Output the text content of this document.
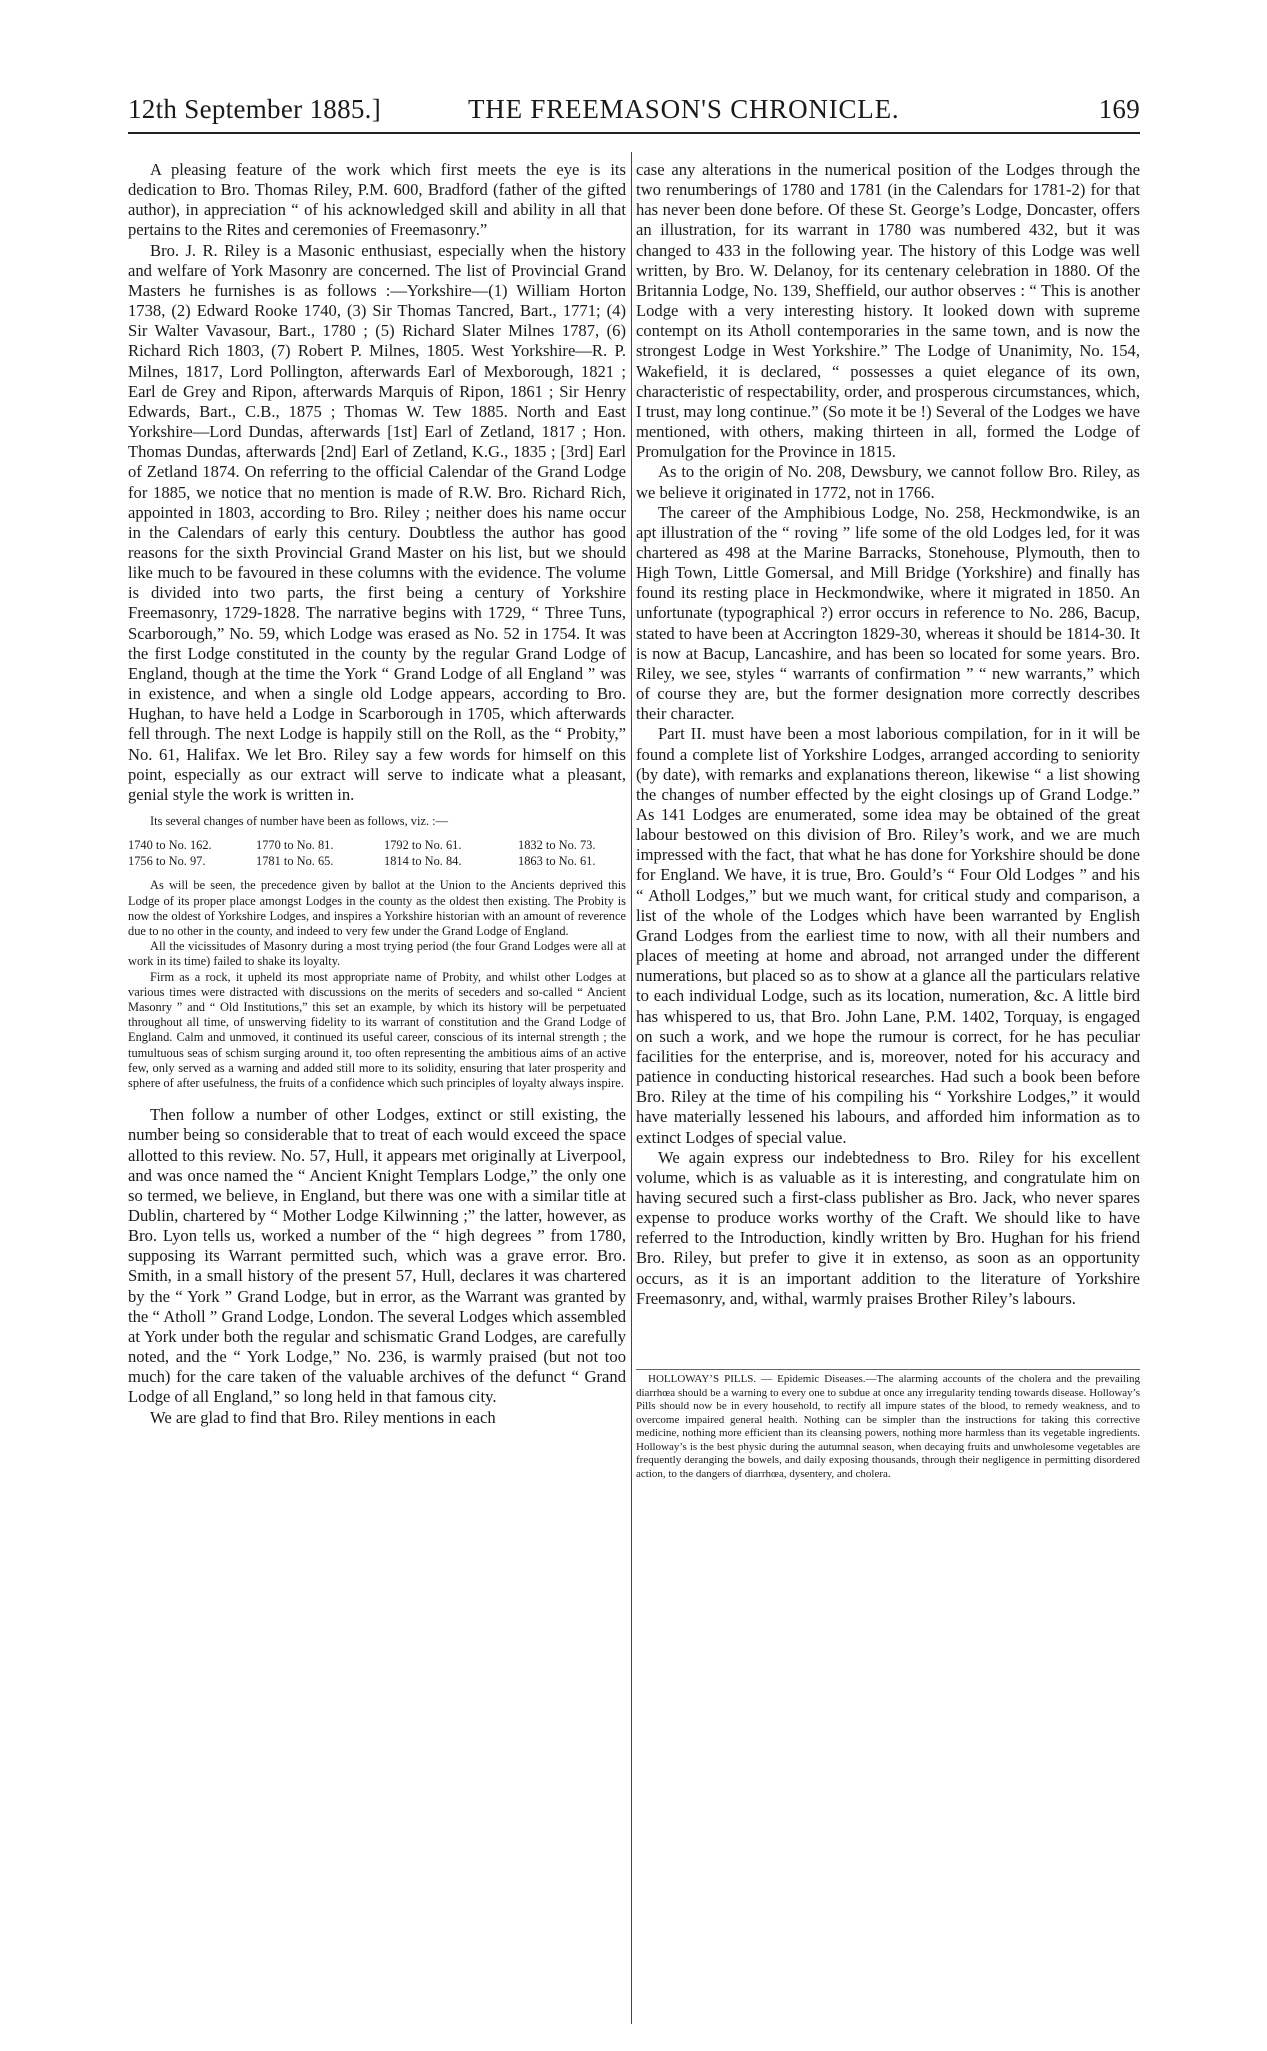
12th September 1885.]	THE FREEMASON'S CHRONICLE.	169

A pleasing feature of the work which first meets the eye is its dedication to Bro. Thomas Riley, P.M. 600, Bradford (father of the gifted author), in appreciation “ of his acknowledged skill and ability in all that pertains to the Rites and ceremonies of Freemasonry.”

Bro. J. R. Riley is a Masonic enthusiast, especially when the history and welfare of York Masonry are concerned. The list of Provincial Grand Masters he furnishes is as follows :—Yorkshire—(1) William Horton 1738, (2) Edward Rooke 1740, (3) Sir Thomas Tancred, Bart., 1771; (4) Sir Walter Vavasour, Bart., 1780 ; (5) Richard Slater Milnes 1787, (6) Richard Rich 1803, (7) Robert P. Milnes, 1805. West Yorkshire—R. P. Milnes, 1817, Lord Pollington, afterwards Earl of Mexborough, 1821 ; Earl de Grey and Ripon, afterwards Marquis of Ripon, 1861 ; Sir Henry Edwards, Bart., C.B., 1875 ; Thomas W. Tew 1885. North and East Yorkshire—Lord Dundas, afterwards [1st] Earl of Zetland, 1817 ; Hon. Thomas Dundas, afterwards [2nd] Earl of Zetland, K.G., 1835 ; [3rd] Earl of Zetland 1874. On referring to the official Calendar of the Grand Lodge for 1885, we notice that no mention is made of R.W. Bro. Richard Rich, appointed in 1803, according to Bro. Riley ; neither does his name occur in the Calendars of early this century. Doubtless the author has good reasons for the sixth Provincial Grand Master on his list, but we should like much to be favoured in these columns with the evidence. The volume is divided into two parts, the first being a century of Yorkshire Freemasonry, 1729-1828. The narrative begins with 1729, “ Three Tuns, Scarborough,” No. 59, which Lodge was erased as No. 52 in 1754. It was the first Lodge constituted in the county by the regular Grand Lodge of England, though at the time the York “ Grand Lodge of all England ” was in existence, and when a single old Lodge appears, according to Bro. Hughan, to have held a Lodge in Scarborough in 1705, which afterwards fell through. The next Lodge is happily still on the Roll, as the “ Probity,” No. 61, Halifax. We let Bro. Riley say a few words for himself on this point, especially as our extract will serve to indicate what a pleasant, genial style the work is written in.

Its several changes of number have been as follows, viz. :—

1740 to No. 162.	1770 to No. 81.	1792 to No. 61.	1832 to No. 73.
1756 to No. 97.	1781 to No. 65.	1814 to No. 84.	1863 to No. 61.

As will be seen, the precedence given by ballot at the Union to the Ancients deprived this Lodge of its proper place amongst Lodges in the county as the oldest then existing. The Probity is now the oldest of Yorkshire Lodges, and inspires a Yorkshire historian with an amount of reverence due to no other in the county, and indeed to very few under the Grand Lodge of England.

All the vicissitudes of Masonry during a most trying period (the four Grand Lodges were all at work in its time) failed to shake its loyalty.

Firm as a rock, it upheld its most appropriate name of Probity, and whilst other Lodges at various times were distracted with discussions on the merits of seceders and so-called “ Ancient Masonry ” and “ Old Institutions,” this set an example, by which its history will be perpetuated throughout all time, of unswerving fidelity to its warrant of constitution and the Grand Lodge of England. Calm and unmoved, it continued its useful career, conscious of its internal strength ; the tumultuous seas of schism surging around it, too often representing the ambitious aims of an active few, only served as a warning and added still more to its solidity, ensuring that later prosperity and sphere of after usefulness, the fruits of a confidence which such principles of loyalty always inspire.

Then follow a number of other Lodges, extinct or still existing, the number being so considerable that to treat of each would exceed the space allotted to this review. No. 57, Hull, it appears met originally at Liverpool, and was once named the “ Ancient Knight Templars Lodge,” the only one so termed, we believe, in England, but there was one with a similar title at Dublin, chartered by “ Mother Lodge Kilwinning ;” the latter, however, as Bro. Lyon tells us, worked a number of the “ high degrees ” from 1780, supposing its Warrant permitted such, which was a grave error. Bro. Smith, in a small history of the present 57, Hull, declares it was chartered by the “ York ” Grand Lodge, but in error, as the Warrant was granted by the “ Atholl ” Grand Lodge, London. The several Lodges which assembled at York under both the regular and schismatic Grand Lodges, are carefully noted, and the “ York Lodge,” No. 236, is warmly praised (but not too much) for the care taken of the valuable archives of the defunct “ Grand Lodge of all England,” so long held in that famous city.

We are glad to find that Bro. Riley mentions in each

case any alterations in the numerical position of the Lodges through the two renumberings of 1780 and 1781 (in the Calendars for 1781-2) for that has never been done before. Of these St. George’s Lodge, Doncaster, offers an illustration, for its warrant in 1780 was numbered 432, but it was changed to 433 in the following year. The history of this Lodge was well written, by Bro. W. Delanoy, for its centenary celebration in 1880. Of the Britannia Lodge, No. 139, Sheffield, our author observes : “ This is another Lodge with a very interesting history. It looked down with supreme contempt on its Atholl contemporaries in the same town, and is now the strongest Lodge in West Yorkshire.” The Lodge of Unanimity, No. 154, Wakefield, it is declared, “ possesses a quiet elegance of its own, characteristic of respectability, order, and prosperous circumstances, which, I trust, may long continue.” (So mote it be !) Several of the Lodges we have mentioned, with others, making thirteen in all, formed the Lodge of Promulgation for the Province in 1815.

As to the origin of No. 208, Dewsbury, we cannot follow Bro. Riley, as we believe it originated in 1772, not in 1766.

The career of the Amphibious Lodge, No. 258, Heckmondwike, is an apt illustration of the “ roving ” life some of the old Lodges led, for it was chartered as 498 at the Marine Barracks, Stonehouse, Plymouth, then to High Town, Little Gomersal, and Mill Bridge (Yorkshire) and finally has found its resting place in Heckmondwike, where it migrated in 1850. An unfortunate (typographical ?) error occurs in reference to No. 286, Bacup, stated to have been at Accrington 1829-30, whereas it should be 1814-30. It is now at Bacup, Lancashire, and has been so located for some years. Bro. Riley, we see, styles “ warrants of confirmation ” “ new warrants,” which of course they are, but the former designation more correctly describes their character.

Part II. must have been a most laborious compilation, for in it will be found a complete list of Yorkshire Lodges, arranged according to seniority (by date), with remarks and explanations thereon, likewise “ a list showing the changes of number effected by the eight closings up of Grand Lodge.” As 141 Lodges are enumerated, some idea may be obtained of the great labour bestowed on this division of Bro. Riley’s work, and we are much impressed with the fact, that what he has done for Yorkshire should be done for England. We have, it is true, Bro. Gould’s “ Four Old Lodges ” and his “ Atholl Lodges,” but we much want, for critical study and comparison, a list of the whole of the Lodges which have been warranted by English Grand Lodges from the earliest time to now, with all their numbers and places of meeting at home and abroad, not arranged under the different numerations, but placed so as to show at a glance all the particulars relative to each individual Lodge, such as its location, numeration, &c. A little bird has whispered to us, that Bro. John Lane, P.M. 1402, Torquay, is engaged on such a work, and we hope the rumour is correct, for he has peculiar facilities for the enterprise, and is, moreover, noted for his accuracy and patience in conducting historical researches. Had such a book been before Bro. Riley at the time of his compiling his “ Yorkshire Lodges,” it would have materially lessened his labours, and afforded him information as to extinct Lodges of special value.

We again express our indebtedness to Bro. Riley for his excellent volume, which is as valuable as it is interesting, and congratulate him on having secured such a first-class publisher as Bro. Jack, who never spares expense to produce works worthy of the Craft. We should like to have referred to the Introduction, kindly written by Bro. Hughan for his friend Bro. Riley, but prefer to give it in extenso, as soon as an opportunity occurs, as it is an important addition to the literature of Yorkshire Freemasonry, and, withal, warmly praises Brother Riley’s labours.

HOLLOWAY’S PILLS. — Epidemic Diseases.—The alarming accounts of the cholera and the prevailing diarrhœa should be a warning to every one to subdue at once any irregularity tending towards disease. Holloway’s Pills should now be in every household, to rectify all impure states of the blood, to remedy weakness, and to overcome impaired general health. Nothing can be simpler than the instructions for taking this corrective medicine, nothing more efficient than its cleansing powers, nothing more harmless than its vegetable ingredients. Holloway’s is the best physic during the autumnal season, when decaying fruits and unwholesome vegetables are frequently deranging the bowels, and daily exposing thousands, through their negligence in permitting disordered action, to the dangers of diarrhœa, dysentery, and cholera.
